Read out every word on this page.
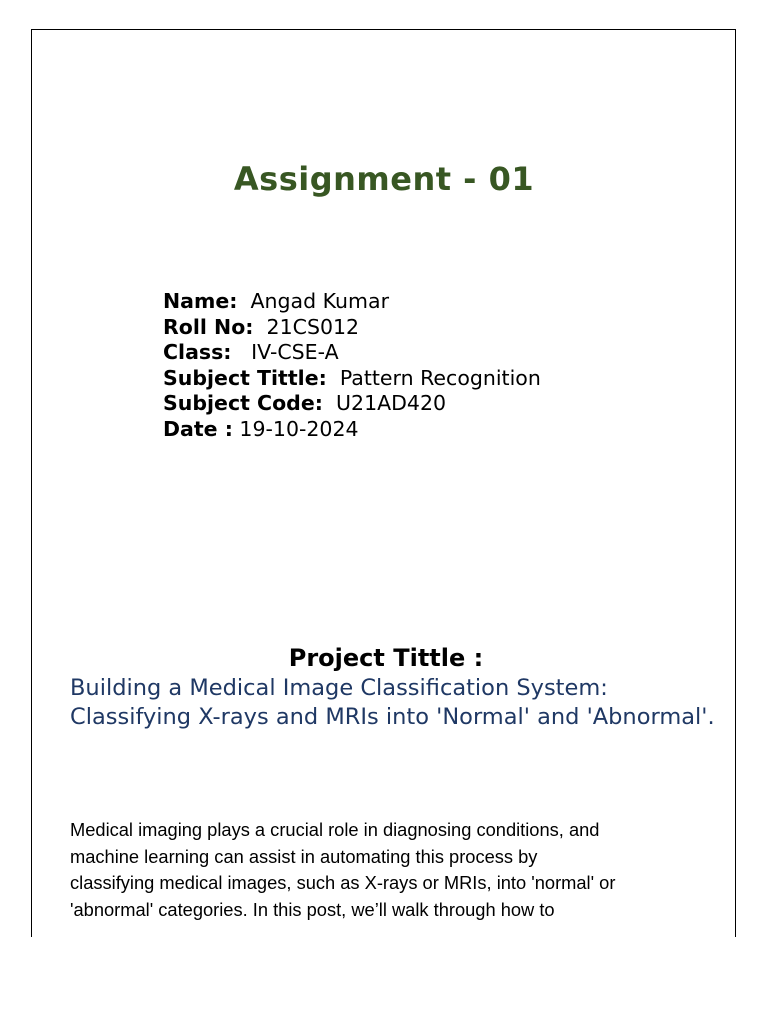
Assignment - 01
Name: Angad Kumar
Roll No: 21CS012
Class: IV-CSE-A
Subject Tittle: Pattern Recognition
Subject Code: U21AD420
Date : 19-10-2024
Project Tittle :
Building a Medical Image Classification System: Classifying X-rays and MRIs into 'Normal' and 'Abnormal'.
Medical imaging plays a crucial role in diagnosing conditions, and
machine learning can assist in automating this process by
classifying medical images, such as X-rays or MRIs, into 'normal' or
'abnormal' categories. In this post, we’ll walk through how to
